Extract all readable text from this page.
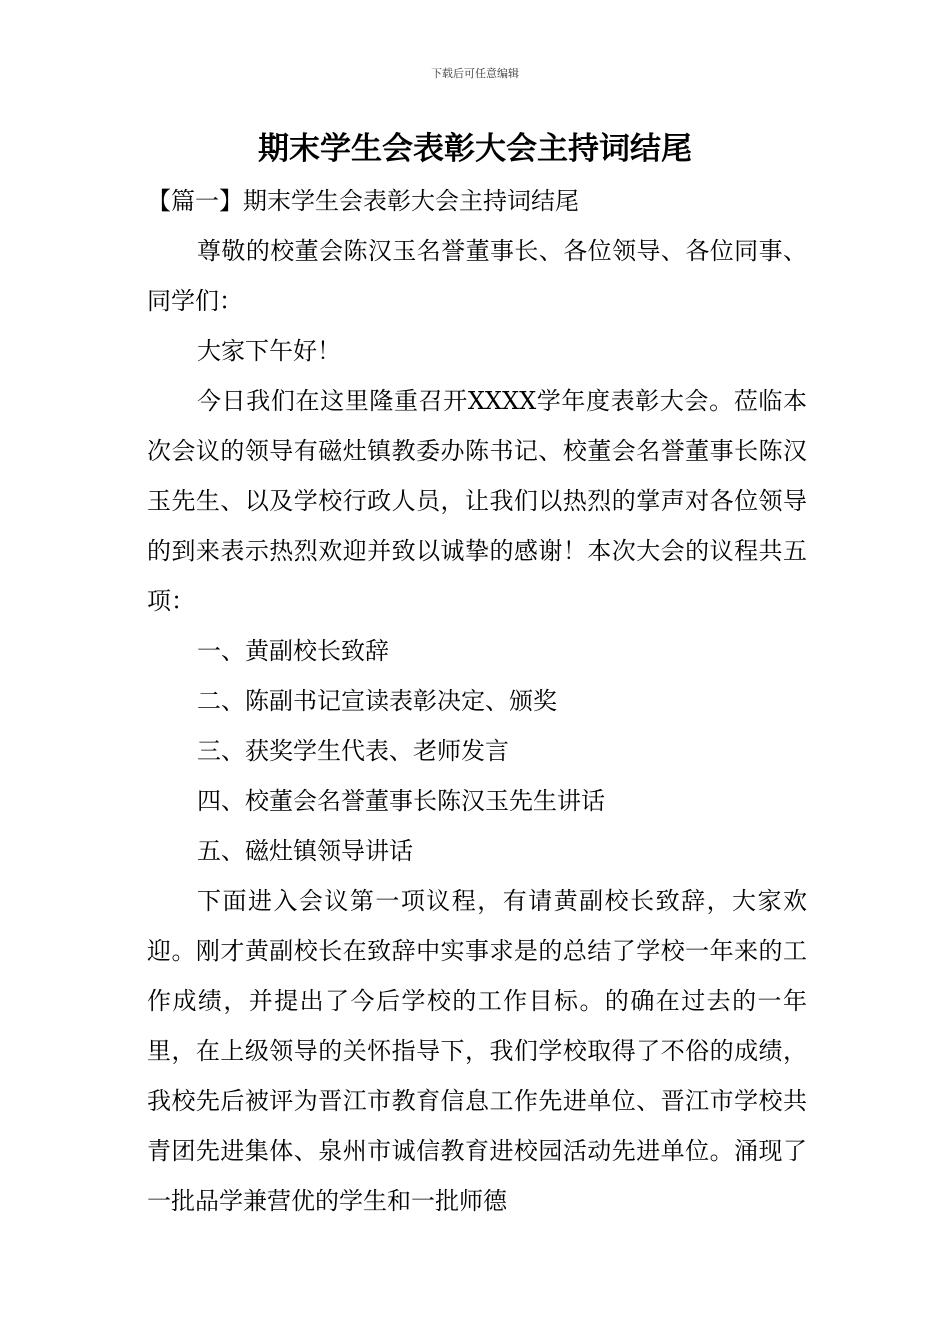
下载后可任意编辑
期末学生会表彰大会主持词结尾

【篇一】期末学生会表彰大会主持词结尾

尊敬的校董会陈汉玉名誉董事长、各位领导、各位同事、同学们：

大家下午好！

今日我们在这里隆重召开XXXX学年度表彰大会。莅临本次会议的领导有磁灶镇教委办陈书记、校董会名誉董事长陈汉玉先生、以及学校行政人员，让我们以热烈的掌声对各位领导的到来表示热烈欢迎并致以诚挚的感谢！本次大会的议程共五项：

一、黄副校长致辞

二、陈副书记宣读表彰决定、颁奖

三、获奖学生代表、老师发言

四、校董会名誉董事长陈汉玉先生讲话

五、磁灶镇领导讲话

下面进入会议第一项议程，有请黄副校长致辞，大家欢迎。刚才黄副校长在致辞中实事求是的总结了学校一年来的工作成绩，并提出了今后学校的工作目标。的确在过去的一年里，在上级领导的关怀指导下，我们学校取得了不俗的成绩，我校先后被评为晋江市教育信息工作先进单位、晋江市学校共青团先进集体、泉州市诚信教育进校园活动先进单位。涌现了一批品学兼营优的学生和一批师德
